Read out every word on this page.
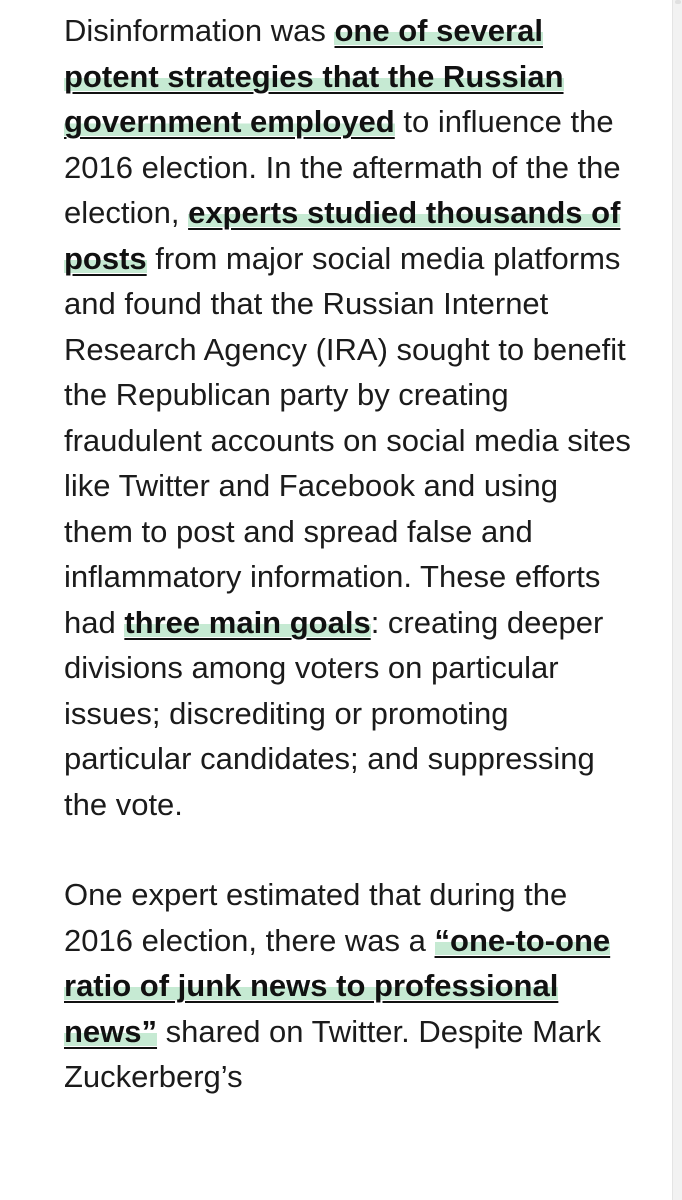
Disinformation was one of several potent strategies that the Russian government employed to influence the 2016 election. In the aftermath of the the election, experts studied thousands of posts from major social media platforms and found that the Russian Internet Research Agency (IRA) sought to benefit the Republican party by creating fraudulent accounts on social media sites like Twitter and Facebook and using them to post and spread false and inflammatory information. These efforts had three main goals: creating deeper divisions among voters on particular issues; discrediting or promoting particular candidates; and suppressing the vote.

One expert estimated that during the 2016 election, there was a “one-to-one ratio of junk news to professional news” shared on Twitter. Despite Mark Zuckerberg’s
